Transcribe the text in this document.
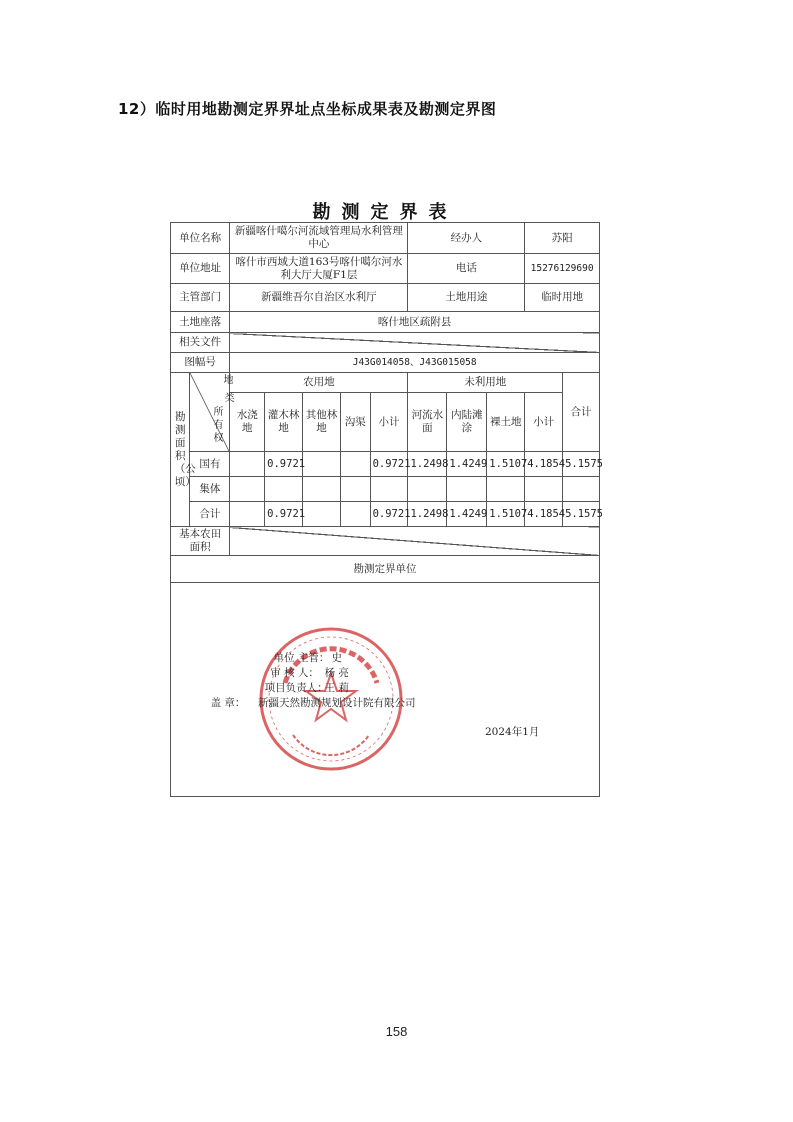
12）临时用地勘测定界界址点坐标成果表及勘测定界图
勘测定界表
单位名称		新疆喀什噶尔河流域管理局水利管理中心					经办人			苏阳	
单位地址		喀什市西域大道163号喀什噶尔河水利大厅大厦F1层					电话			15276129690	
主管部门		新疆维吾尔自治区水利厅					土地用途			临时用地	
土地座落		喀什地区疏附县									
相关文件											
图幅号		J43G014058、J43G015058									
勘测面积（公顷）	地
类
所有权	农用地					未利用地				合计
		水浇地	灌木林地	其他林地	沟渠	小计	河流水面	内陆滩涂	裸土地	小计	
	国有		0.9721			0.9721	1.2498	1.4249	1.5107	4.1854	5.1575
	集体										
	合计		0.9721			0.9721	1.2498	1.4249	1.5107	4.1854	5.1575
基本农田面积											
勘测定界单位											

单位 主管： 史
审 核 人： 杨 亮
项目负责人：王 莉
盖 章： 新疆天然勘测规划设计院有限公司
2024年1月											
158
